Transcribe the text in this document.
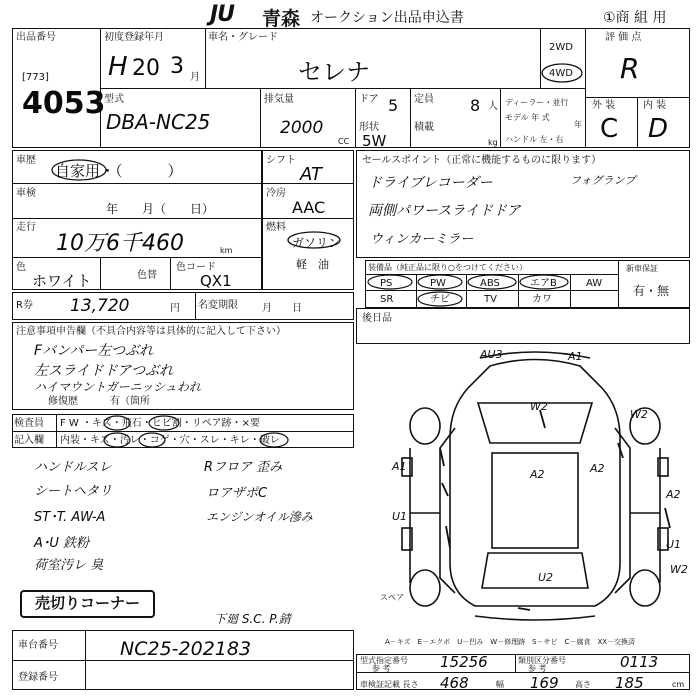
JU 青森 オークション出品申込書	①商 組 用
出品番号
[773]
4053
初度登録年月
H 20 3 月
車名・グレード
セレナ
2WD
4WD
評 価 点
R
型式
DBA-NC25
排気量
2000
CC
ドア 5
形状
5W
定員 8 人
積載
kg
ディーラー・並行
モデル 年 式
年
ハンドル 左・右
外 装	内 装
C D
車歴
自家用・（　　　）
シフト
AT
車検
年　　月（　　日）
冷房
AAC
走行
10万6千460	km
燃料
ガソリン
軽　油
色
ホワイト	色替
色コード
QX1
R券 13,720	円 名変期限 月　　日
セールスポイント（正常に機能するものに限ります）
ドライブレコーダー	フォグランプ
両側パワースライドドア
ウィンカーミラー
装備品（純正品に限り○をつけてください）
PS	PW	ABS	エアB	AW
SR	チビ	TV	カワ
新車保証
有・無
後日品
注意事項申告欄（不具合内容等は具体的に記入して下さい）
Fバンパー左つぶれ
左スライドドアつぶれ
ハイマウントガーニッシュわれ
修復歴	有（箇所
検査員 F W ・キズ・飛石・ヒビ割・リペア跡・×要
記入欄 内装・キズ・汚レ・コゲ・穴・スレ・キレ・破レ
ハンドルスレ
シートヘタリ
ST･T. AW-A
A･U 鉄粉
荷室汚レ 臭
Rフロア 歪み
ロアザポC
エンジンオイル滲み
売切りコーナー
下廻 S.C. P.錆
AU3	A1
W2
W2
A1
A2	A2
A2
U1
U1
U2
W2
スペア
A－キズ　E－エクボ　U－凹み　W－修理跡　S－サビ　C－腐食　XX－交換済
車台番号	NC25-202183
登録番号
型式指定番号
参 考	15256	類別区分番号
参 考	0113
車検証記載 長さ 468	幅 169 高さ 185	cm
